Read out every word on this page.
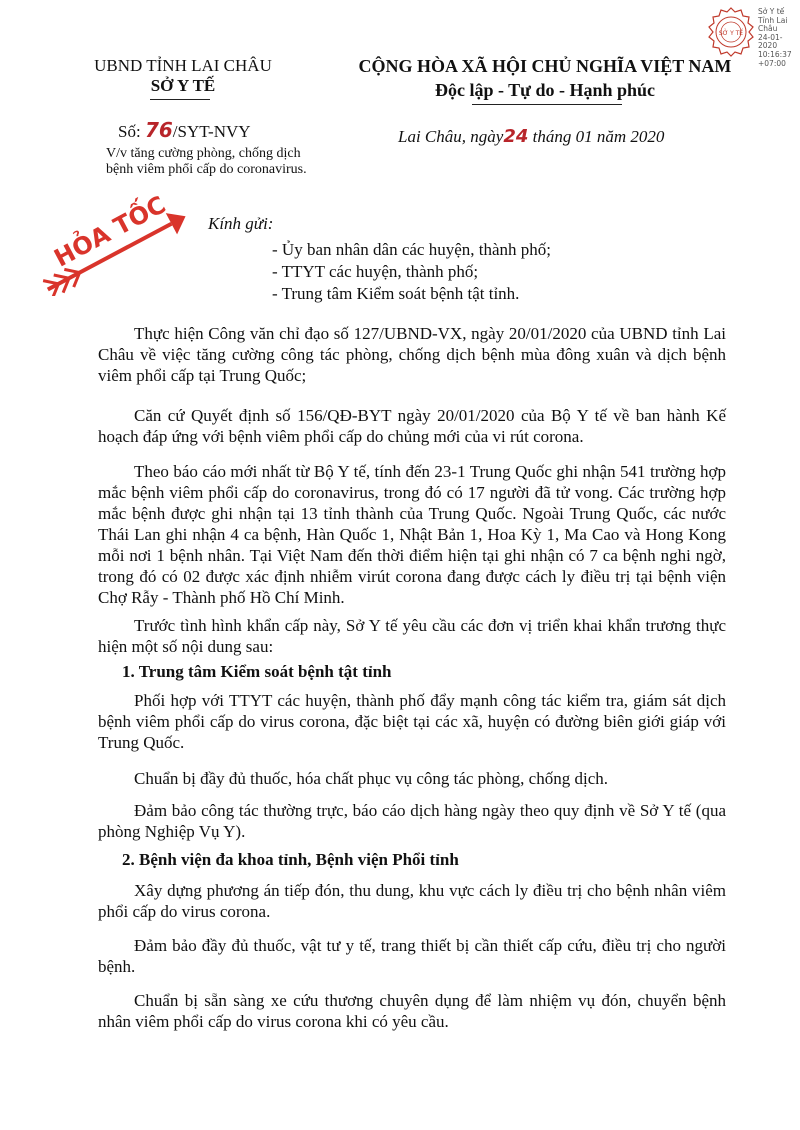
SỞ Y TẾ
Sở Y tế
Tỉnh Lai Châu
24-01-2020
10:16:37
+07:00
UBND TỈNH LAI CHÂU
SỞ Y TẾ
CỘNG HÒA XÃ HỘI CHỦ NGHĨA VIỆT NAM
Độc lập - Tự do - Hạnh phúc
Số: 76/SYT-NVY
V/v tăng cường phòng, chống dịch
bệnh viêm phổi cấp do coronavirus.
Lai Châu, ngày24 tháng 01 năm 2020
HỎA TỐC Kính gửi:
- Ủy ban nhân dân các huyện, thành phố;
- TTYT các huyện, thành phố;
- Trung tâm Kiểm soát bệnh tật tỉnh.
Thực hiện Công văn chỉ đạo số 127/UBND-VX, ngày 20/01/2020 của UBND tỉnh Lai Châu về việc tăng cường công tác phòng, chống dịch bệnh mùa đông xuân và dịch bệnh viêm phổi cấp tại Trung Quốc;
Căn cứ Quyết định số 156/QĐ-BYT ngày 20/01/2020 của Bộ Y tế về ban hành Kế hoạch đáp ứng với bệnh viêm phổi cấp do chủng mới của vi rút corona.
Theo báo cáo mới nhất từ Bộ Y tế, tính đến 23-1 Trung Quốc ghi nhận 541 trường hợp mắc bệnh viêm phổi cấp do coronavirus, trong đó có 17 người đã tử vong. Các trường hợp mắc bệnh được ghi nhận tại 13 tỉnh thành của Trung Quốc. Ngoài Trung Quốc, các nước Thái Lan ghi nhận 4 ca bệnh, Hàn Quốc 1, Nhật Bản 1, Hoa Kỳ 1, Ma Cao và Hong Kong mỗi nơi 1 bệnh nhân. Tại Việt Nam đến thời điểm hiện tại ghi nhận có 7 ca bệnh nghi ngờ, trong đó có 02 được xác định nhiễm virút corona đang được cách ly điều trị tại bệnh viện Chợ Rẫy - Thành phố Hồ Chí Minh.
Trước tình hình khẩn cấp này, Sở Y tế yêu cầu các đơn vị triển khai khẩn trương thực hiện một số nội dung sau:
1. Trung tâm Kiểm soát bệnh tật tỉnh
Phối hợp với TTYT các huyện, thành phố đẩy mạnh công tác kiểm tra, giám sát dịch bệnh viêm phổi cấp do virus corona, đặc biệt tại các xã, huyện có đường biên giới giáp với Trung Quốc.
Chuẩn bị đầy đủ thuốc, hóa chất phục vụ công tác phòng, chống dịch.
Đảm bảo công tác thường trực, báo cáo dịch hàng ngày theo quy định về Sở Y tế (qua phòng Nghiệp Vụ Y).
2. Bệnh viện đa khoa tỉnh, Bệnh viện Phổi tỉnh
Xây dựng phương án tiếp đón, thu dung, khu vực cách ly điều trị cho bệnh nhân viêm phổi cấp do virus corona.
Đảm bảo đầy đủ thuốc, vật tư y tế, trang thiết bị cần thiết cấp cứu, điều trị cho người bệnh.
Chuẩn bị sẵn sàng xe cứu thương chuyên dụng để làm nhiệm vụ đón, chuyển bệnh nhân viêm phổi cấp do virus corona khi có yêu cầu.
